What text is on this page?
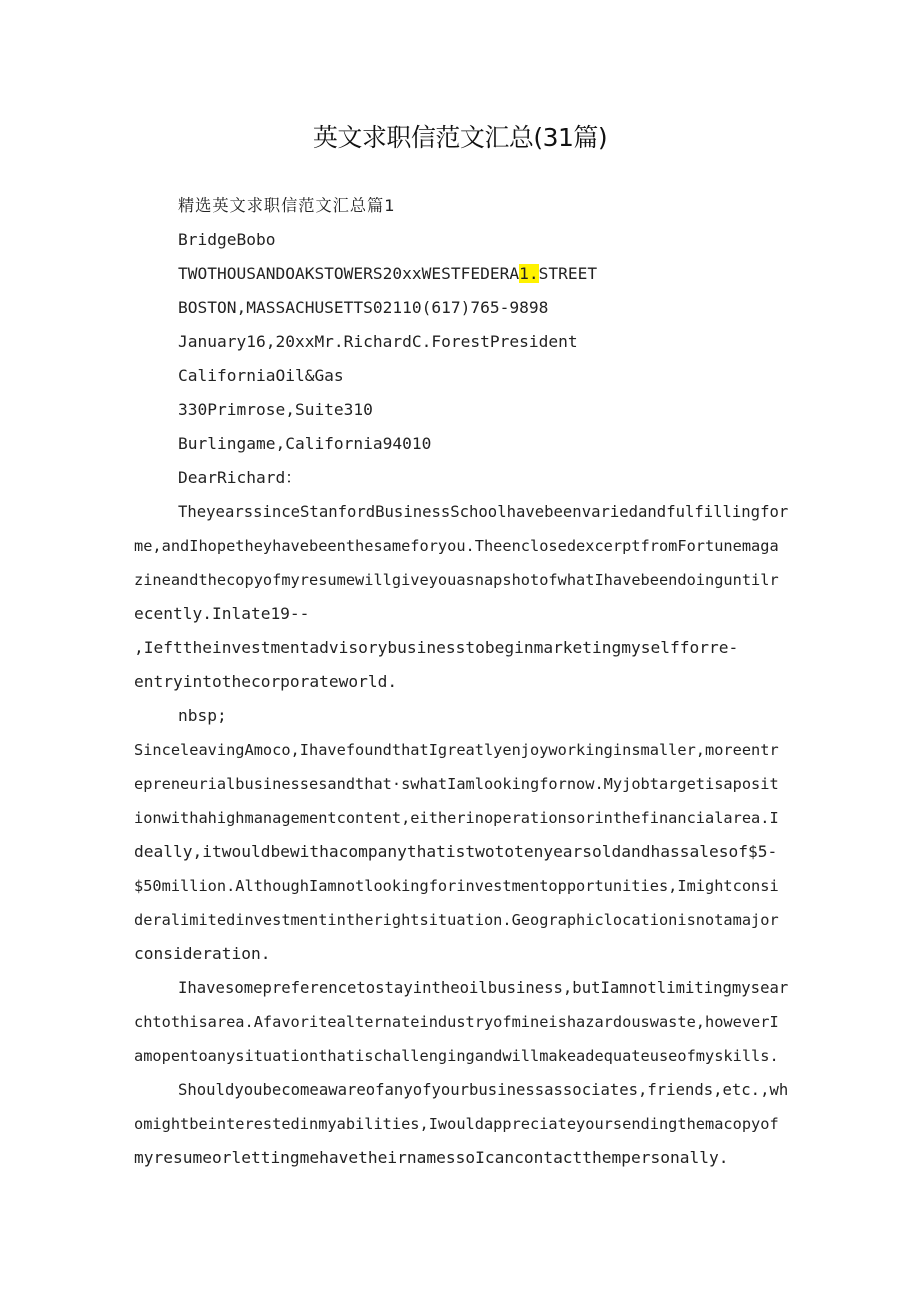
英文求职信范文汇总(31篇)
精选英文求职信范文汇总篇1
BridgeBobo
TWOTHOUSANDOAKSTOWERS20xxWESTFEDERA1.STREET
BOSTON,MASSACHUSETTS02110(617)765-9898
January16,20xxMr.RichardC.ForestPresident
CaliforniaOil&Gas
330Primrose,Suite310
Burlingame,California94010
DearRichard：
TheyearssinceStanfordBusinessSchoolhavebeenvariedandfulfillingfor
me,andIhopetheyhavebeenthesameforyou.TheenclosedexcerptfromFortunemaga
zineandthecopyofmyresumewillgiveyouasnapshotofwhatIhavebeendoinguntilr
ecently.Inlate19--
,Iefttheinvestmentadvisorybusinesstobeginmarketingmyselfforre-
entryintothecorporateworld.
nbsp;
SinceleavingAmoco,IhavefoundthatIgreatlyenjoyworkinginsmaller,moreentr
epreneurialbusinessesandthat·swhatIamlookingfornow.Myjobtargetisaposit
ionwithahighmanagementcontent,eitherinoperationsorinthefinancialarea.I
deally,itwouldbewithacompanythatistwototenyearsoldandhassalesof$5-
$50million.AlthoughIamnotlookingforinvestmentopportunities,Imightconsi
deralimitedinvestmentintherightsituation.Geographiclocationisnotamajor
consideration.
Ihavesomepreferencetostayintheoilbusiness,butIamnotlimitingmysear
chtothisarea.Afavoritealternateindustryofmineishazardouswaste,howeverI
amopentoanysituationthatischallengingandwillmakeadequateuseofmyskills.
Shouldyoubecomeawareofanyofyourbusinessassociates,friends,etc.,wh
omightbeinterestedinmyabilities,Iwouldappreciateyoursendingthemacopyof
myresumeorlettingmehavetheirnamessoIcancontactthempersonally.
